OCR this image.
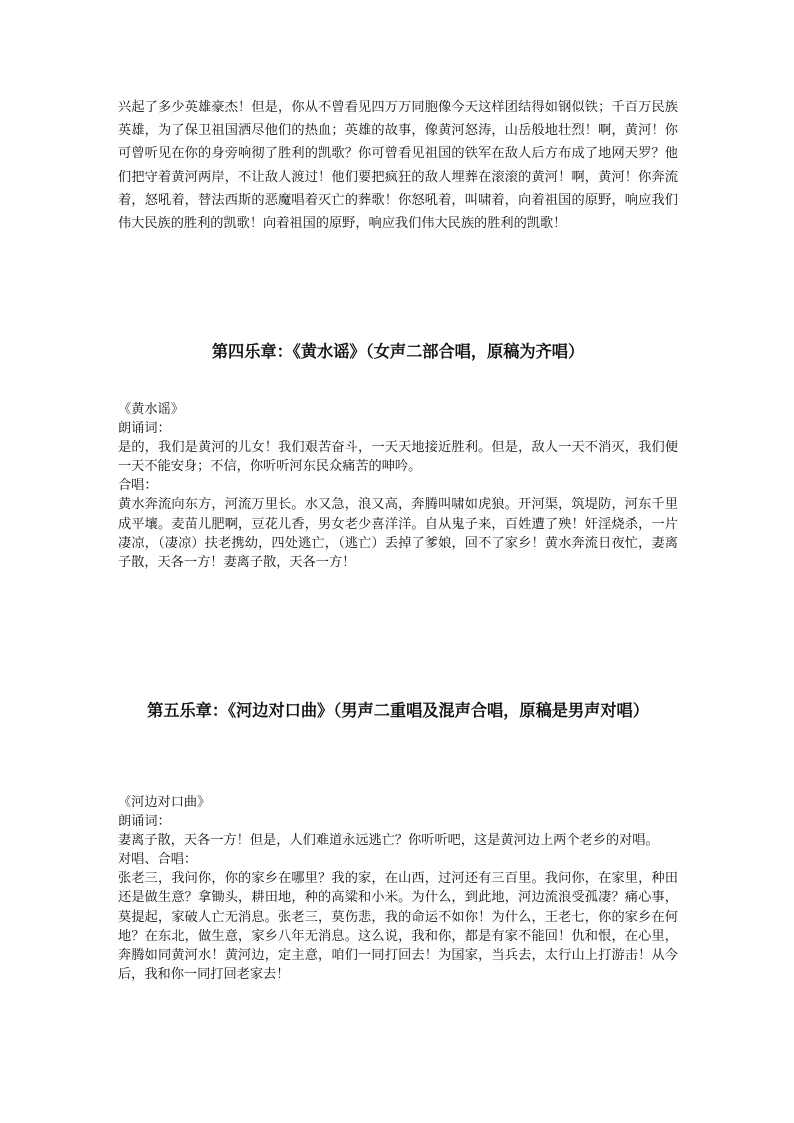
兴起了多少英雄豪杰！但是，你从不曾看见四万万同胞像今天这样团结得如钢似铁；千百万民族英雄，为了保卫祖国洒尽他们的热血；英雄的故事，像黄河怒涛，山岳般地壮烈！啊，黄河！你可曾听见在你的身旁响彻了胜利的凯歌？你可曾看见祖国的铁军在敌人后方布成了地网天罗？他们把守着黄河两岸，不让敌人渡过！他们要把疯狂的敌人埋葬在滚滚的黄河！啊，黄河！你奔流着，怒吼着，替法西斯的恶魔唱着灭亡的葬歌！你怒吼着，叫啸着，向着祖国的原野，响应我们伟大民族的胜利的凯歌！向着祖国的原野，响应我们伟大民族的胜利的凯歌！

第四乐章：《黄水谣》（女声二部合唱，原稿为齐唱）

《黄水谣》

朗诵词：

是的，我们是黄河的儿女！我们艰苦奋斗，一天天地接近胜利。但是，敌人一天不消灭，我们便一天不能安身；不信，你听听河东民众痛苦的呻吟。

合唱：

黄水奔流向东方，河流万里长。水又急，浪又高，奔腾叫啸如虎狼。开河渠，筑堤防，河东千里成平壤。麦苗儿肥啊，豆花儿香，男女老少喜洋洋。自从鬼子来，百姓遭了殃！奸淫烧杀，一片凄凉，（凄凉）扶老携幼，四处逃亡，（逃亡）丢掉了爹娘，回不了家乡！黄水奔流日夜忙，妻离子散，天各一方！妻离子散，天各一方！

第五乐章：《河边对口曲》（男声二重唱及混声合唱，原稿是男声对唱）

《河边对口曲》

朗诵词：

妻离子散，天各一方！但是，人们难道永远逃亡？你听听吧，这是黄河边上两个老乡的对唱。

对唱、合唱：

张老三，我问你，你的家乡在哪里？我的家，在山西，过河还有三百里。我问你，在家里，种田还是做生意？拿锄头，耕田地，种的高粱和小米。为什么，到此地，河边流浪受孤凄？痛心事，莫提起，家破人亡无消息。张老三，莫伤悲，我的命运不如你！为什么，王老七，你的家乡在何地？在东北，做生意，家乡八年无消息。这么说，我和你，都是有家不能回！仇和恨，在心里，奔腾如同黄河水！黄河边，定主意，咱们一同打回去！为国家，当兵去，太行山上打游击！从今后，我和你一同打回老家去！
